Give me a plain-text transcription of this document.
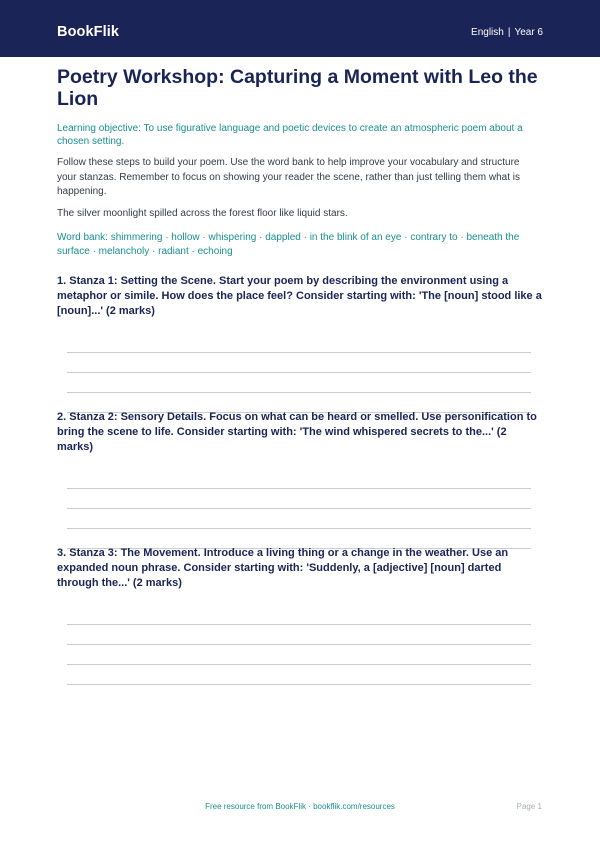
BookFlik	English | Year 6
Poetry Workshop: Capturing a Moment with Leo the Lion

Learning objective: To use figurative language and poetic devices to create an atmospheric poem about a chosen setting.

Follow these steps to build your poem. Use the word bank to help improve your vocabulary and structure your stanzas. Remember to focus on showing your reader the scene, rather than just telling them what is happening.

The silver moonlight spilled across the forest floor like liquid stars.

Word bank: shimmering · hollow · whispering · dappled · in the blink of an eye · contrary to · beneath the surface · melancholy · radiant · echoing

1. Stanza 1: Setting the Scene. Start your poem by describing the environment using a metaphor or simile. How does the place feel? Consider starting with: 'The [noun] stood like a [noun]...' (2 marks)

2. Stanza 2: Sensory Details. Focus on what can be heard or smelled. Use personification to bring the scene to life. Consider starting with: 'The wind whispered secrets to the...' (2 marks)

3. Stanza 3: The Movement. Introduce a living thing or a change in the weather. Use an expanded noun phrase. Consider starting with: 'Suddenly, a [adjective] [noun] darted through the...' (2 marks)

Free resource from BookFlik · bookflik.com/resources	Page 1
